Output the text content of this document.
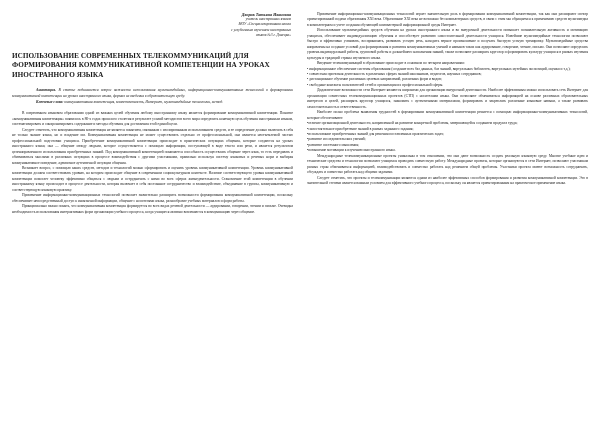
Дворак Татьяна Ивановна
учитель иностранных языков
МОУ «Специализированная школа
с углубленным изучением иностранных
языков №3 г. Донецка»
ИСПОЛЬЗОВАНИЕ СОВРЕМЕННЫХ ТЕЛЕКОММУНИКАЦИЙ ДЛЯ ФОРМИРОВАНИЯ КОММУНИКАТИВНОЙ КОМПЕТЕНЦИИ НА УРОКАХ ИНОСТРАННОГО ЯЗЫКА

Аннотация. В статье поднимается вопрос важности использования мультимедийных, информационно-коммуникативных технологий в формировании коммуникативной компетенции на уроках иностранного языка, формах их введения в образовательную среду.

Ключевые слова: коммуникативная компетенция, компетентность, Интернет, мультимедийные технологии, метод.

В современном языковом образовании одной из важных целей обучения любому иностранному языку является формирование коммуникативной компетенции. Понятие «коммуникативная компетенция» появилось в 80-х годах прошлого столетия в результате усилий методистов всего мира определить конечную цель обучения иностранным языкам, систематизировать и синхронизировать содержание и методы обучения для достижения этой единой цели.

Следует отметить, что коммуникативная компетенция не является понятием, связанным с изолированным использованием средств, и ее определение должно включать в себя не только знание языка, но и владение им. Коммуникативная компетенция не может существовать отдельно от профессиональной, она является неотъемлемой частью профессиональной подготовки учащихся. Приобретение коммуникативной компетенции происходит в практических ситуациях общения, которые создаются на уроках иностранного языка; она — общение между людьми, которое осуществляется с помощью информации, поступающей в виде текста или речи, и является результатом целенаправленного использования приобретенных знаний. Под коммуникативной компетенцией понимается способность осуществлять общение через язык, то есть передавать и обмениваться мыслями в различных ситуациях в процессе взаимодействия с другими участниками, правильно используя систему языковых и речевых норм и выбирая коммуникативное поведение, адекватное аутентичной ситуации общения.

Возникает вопрос, с помощью каких средств, методов и технологий можно сформировать и оценить уровень коммуникативной компетенции. Уровень коммуникативной компетенции должен соответствовать уровню, на котором происходит общение в современном социокультурном контексте. Наличие соответствующего уровня коммуникативной компетенции помогает человеку эффективно общаться с людьми и сотрудничать с ними во всех сферах жизнедеятельности. Становление этой компетенции в обучении иностранному языку происходит в процессе деятельности, которая включает в себя постоянное сотрудничество и взаимодействие, объединение в группы, коммуникативную и соответствующую языковую практику.

Применение информационно-коммуникационных технологий позволяет значительно расширить возможности формирования коммуникативной компетенции, поскольку обеспечивает непосредственный доступ к иноязычной информации, общение с носителями языка, разнообразие учебных материалов и форм работы.

Принципиально важно понять, что коммуникативная компетенция формируется во всех видах речевой деятельности — аудировании, говорении, чтении и письме. Очевидна необходимость использования интерактивных форм организации учебного процесса, когда учащиеся активно вовлекаются в коммуникацию через общение.

Применение информационно-коммуникационных технологий играет значительную роль в формировании коммуникативной компетенции, так как они расширяют спектр ориентированной подачи образования XXI века. Образование XXI века не возможно без компьютерных средств, в связи с этим мы обращаемся к применению средств мультимедиа в компьютерном и учете создания обучающей компьютерной информационной среды Интернет.

Использование мультимедийных средств обучения на уроках иностранного языка и во внеурочной деятельности повышает познавательную активность и мотивацию учащихся, обеспечивает индивидуализацию обучения и способствует развитию самостоятельной деятельности учащихся. Новейшие мультимедийные технологии позволяют быстро и эффективно усваивать, воспринимать, развивать устную речь, находить верное произношение и получать быструю устную тренировку. Мультимедийные средства направлены на создание условий для формирования и развития коммуникативных умений и навыков таких как аудирование, говорение, чтение, письмо. Они позволяют определять уровень индивидуальной работы, групповой работы и дальнейшего наполнения знаний, также позволяют расширять кругозор и формировать культуру учащихся в рамках изучения культуры и традиций страны изучаемого языка.

Введение телекоммуникаций в образование происходит в основном по четырем направлениям:

• информационное обеспечение системы образования (создание всех баз данных, баз знаний, виртуальных библиотек, виртуальных музейных экспозиций, оценки и т.д.);

• совместная проектная деятельность в различных сферах знаний школьников, педагогов, научных сотрудников;

• дистанционное обучение различных целевых направлений, различных форм и видов;

• свободные контакты пользователей сетей и организация их профессиональной сферы.

Дидактические возможности сети Интернет являются широкими для организации внеурочной деятельности. Наиболее эффективным можно использовать сеть Интернет для организации совместных телекоммуникационных проектов (СТП) с носителями языка. Они позволяют обмениваться информацией на основе различных образовательных интересов и целей, расширять кругозор учащихся, знакомить с аутентичными материалами, формировать и закреплять различные языковые навыки, а также развивать самостоятельность и ответственность.

Наиболее полно проблема выявления трудностей в формировании коммуникативной компетенции решается с помощью информационно-коммуникативных технологий, которые обеспечивают:

•отличие организационной деятельности, направленной на развитие конкретной проблемы, завершающейся созданием продукта труда;

•самостоятельное приобретение знаний в рамках заданного задания;

•использование приобретенных знаний для решения поставленных практических задач;

•развитие исследовательских умений;

•развитие системного мышления;

•повышение мотивации к изучению иностранного языка.

Международные телекоммуникационные проекты уникальны в том отношении, что они дают возможность создать реальную языковую среду. Многие учебные идеи и технические средства и технологии позволяют учащимся проводить совместную работу. Международные проекты, которые организуются в сети Интернет, позволяют участникам разных стран обмениваться информацией, взаимодействовать и совместно работать над решением общей проблемы. Участники проекта имеют возможность сотрудничать, обсуждать и совместно работать над общими задачами.

Следует отметить, что проекты и телекоммуникации являются одним из наиболее эффективных способов формирования и развития коммуникативной компетенции. Это в значительной степени является важным условием для эффективного учебного процесса, поскольку он является ориентированным на практическое применение языка.
